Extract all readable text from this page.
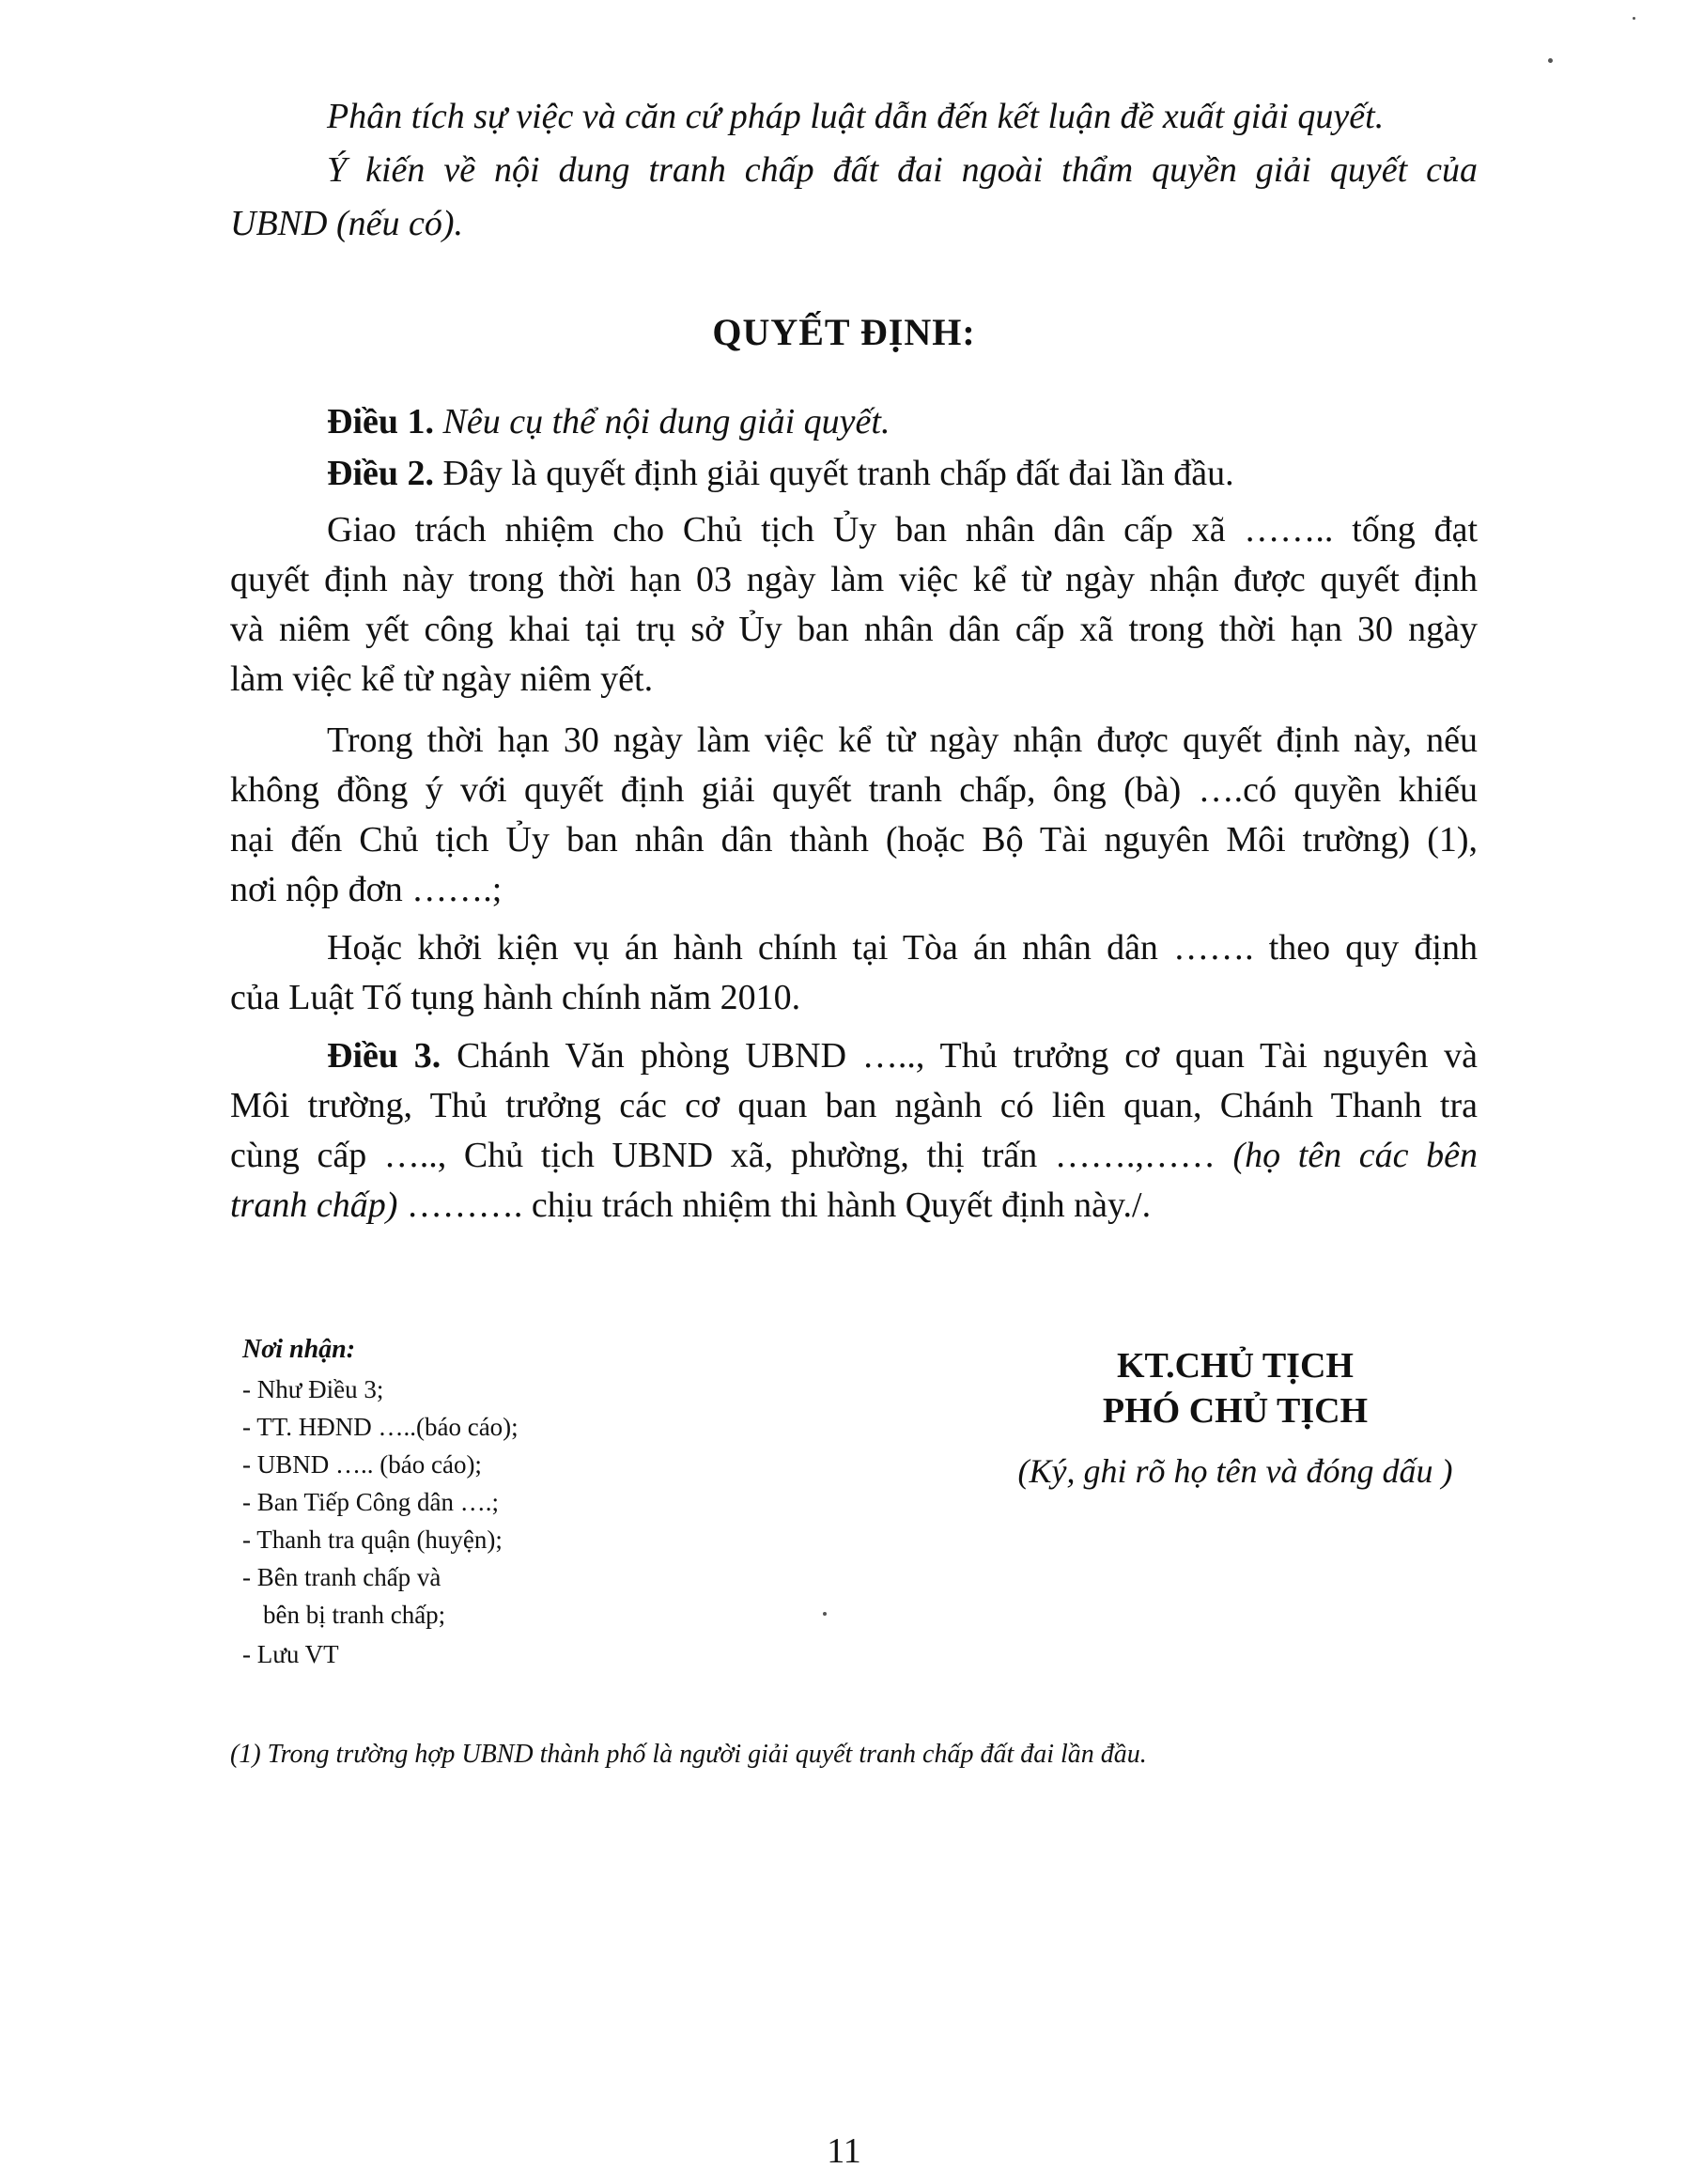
Phân tích sự việc và căn cứ pháp luật dẫn đến kết luận đề xuất giải quyết.
Ý kiến về nội dung tranh chấp đất đai ngoài thẩm quyền giải quyết của
UBND (nếu có).
QUYẾT ĐỊNH:
Điều 1. Nêu cụ thể nội dung giải quyết.
Điều 2. Đây là quyết định giải quyết tranh chấp đất đai lần đầu.
Giao trách nhiệm cho Chủ tịch Ủy ban nhân dân cấp xã …….. tống đạt
quyết định này trong thời hạn 03 ngày làm việc kể từ ngày nhận được quyết định
và niêm yết công khai tại trụ sở Ủy ban nhân dân cấp xã trong thời hạn 30 ngày
làm việc kể từ ngày niêm yết.
Trong thời hạn 30 ngày làm việc kể từ ngày nhận được quyết định này, nếu
không đồng ý với quyết định giải quyết tranh chấp, ông (bà) ….có quyền khiếu
nại đến Chủ tịch Ủy ban nhân dân thành (hoặc Bộ Tài nguyên Môi trường) (1),
nơi nộp đơn …….;
Hoặc khởi kiện vụ án hành chính tại Tòa án nhân dân ……. theo quy định
của Luật Tố tụng hành chính năm 2010.
Điều 3. Chánh Văn phòng UBND ….., Thủ trưởng cơ quan Tài nguyên và
Môi trường, Thủ trưởng các cơ quan ban ngành có liên quan, Chánh Thanh tra
cùng cấp ….., Chủ tịch UBND xã, phường, thị trấn …….,…… (họ tên các bên
tranh chấp) ………. chịu trách nhiệm thi hành Quyết định này./.
Nơi nhận:
- Như Điều 3;
- TT. HĐND …..(báo cáo);
- UBND ….. (báo cáo);
- Ban Tiếp Công dân ….;
- Thanh tra quận (huyện);
- Bên tranh chấp và
bên bị tranh chấp;
- Lưu VT
KT.CHỦ TỊCH
PHÓ CHỦ TỊCH
(Ký, ghi rõ họ tên và đóng dấu )
(1) Trong trường hợp UBND thành phố là người giải quyết tranh chấp đất đai lần đầu.
11
